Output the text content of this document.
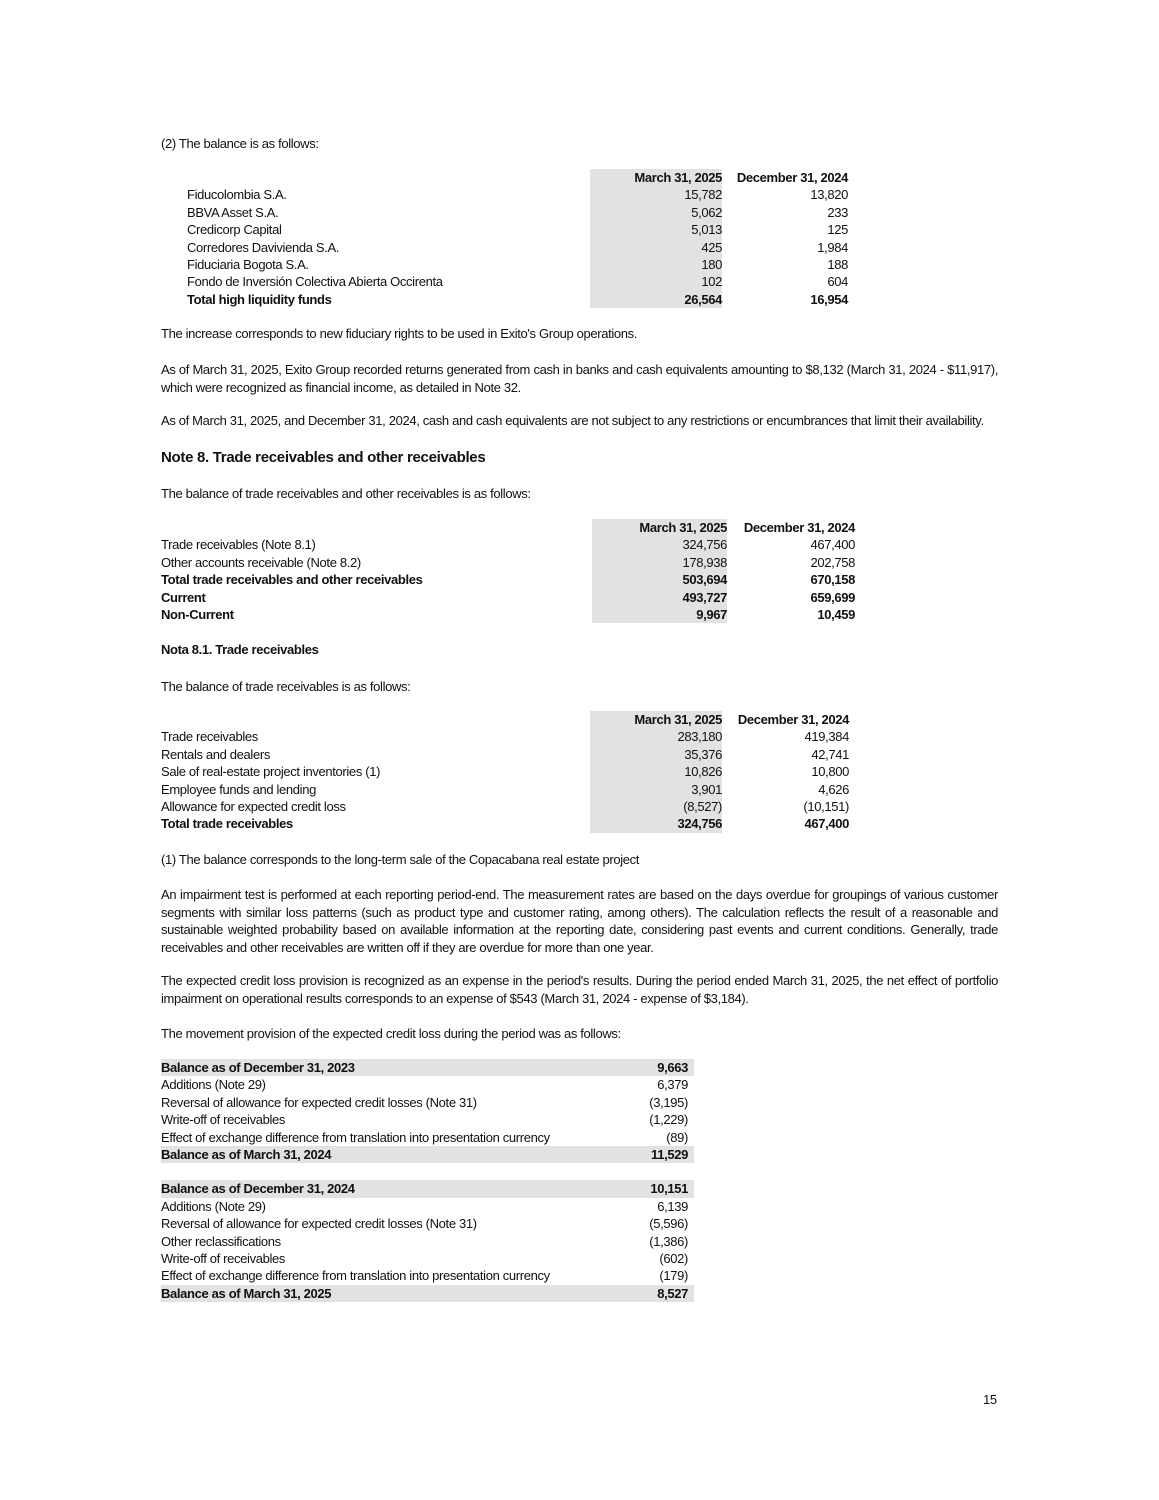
(2) The balance is as follows:

	March 31, 2025	December 31, 2024
Fiducolombia S.A.	15,782	13,820
BBVA Asset S.A.	5,062	233
Credicorp Capital	5,013	125
Corredores Davivienda S.A.	425	1,984
Fiduciaria Bogota S.A.	180	188
Fondo de Inversión Colectiva Abierta Occirenta	102	604
Total high liquidity funds	26,564	16,954

The increase corresponds to new fiduciary rights to be used in Exito's Group operations.

As of March 31, 2025, Exito Group recorded returns generated from cash in banks and cash equivalents amounting to $8,132 (March 31, 2024 - $11,917), which were recognized as financial income, as detailed in Note 32.

As of March 31, 2025, and December 31, 2024, cash and cash equivalents are not subject to any restrictions or encumbrances that limit their availability.

Note 8. Trade receivables and other receivables

The balance of trade receivables and other receivables is as follows:

	March 31, 2025	December 31, 2024
Trade receivables (Note 8.1)	324,756	467,400
Other accounts receivable (Note 8.2)	178,938	202,758
Total trade receivables and other receivables	503,694	670,158
Current	493,727	659,699
Non-Current	9,967	10,459
Nota 8.1. Trade receivables

The balance of trade receivables is as follows:

	March 31, 2025	December 31, 2024
Trade receivables	283,180	419,384
Rentals and dealers	35,376	42,741
Sale of real-estate project inventories (1)	10,826	10,800
Employee funds and lending	3,901	4,626
Allowance for expected credit loss	(8,527)	(10,151)
Total trade receivables	324,756	467,400

(1) The balance corresponds to the long-term sale of the Copacabana real estate project

An impairment test is performed at each reporting period-end. The measurement rates are based on the days overdue for groupings of various customer segments with similar loss patterns (such as product type and customer rating, among others). The calculation reflects the result of a reasonable and sustainable weighted probability based on available information at the reporting date, considering past events and current conditions. Generally, trade receivables and other receivables are written off if they are overdue for more than one year.

The expected credit loss provision is recognized as an expense in the period's results. During the period ended March 31, 2025, the net effect of portfolio impairment on operational results corresponds to an expense of $543 (March 31, 2024 - expense of $3,184).

The movement provision of the expected credit loss during the period was as follows:

Balance as of December 31, 2023	9,663
Additions (Note 29)	6,379
Reversal of allowance for expected credit losses (Note 31)	(3,195)
Write-off of receivables	(1,229)
Effect of exchange difference from translation into presentation currency	(89)
Balance as of March 31, 2024	11,529

Balance as of December 31, 2024	10,151
Additions (Note 29)	6,139
Reversal of allowance for expected credit losses (Note 31)	(5,596)
Other reclassifications	(1,386)
Write-off of receivables	(602)
Effect of exchange difference from translation into presentation currency	(179)
Balance as of March 31, 2025	8,527

15
